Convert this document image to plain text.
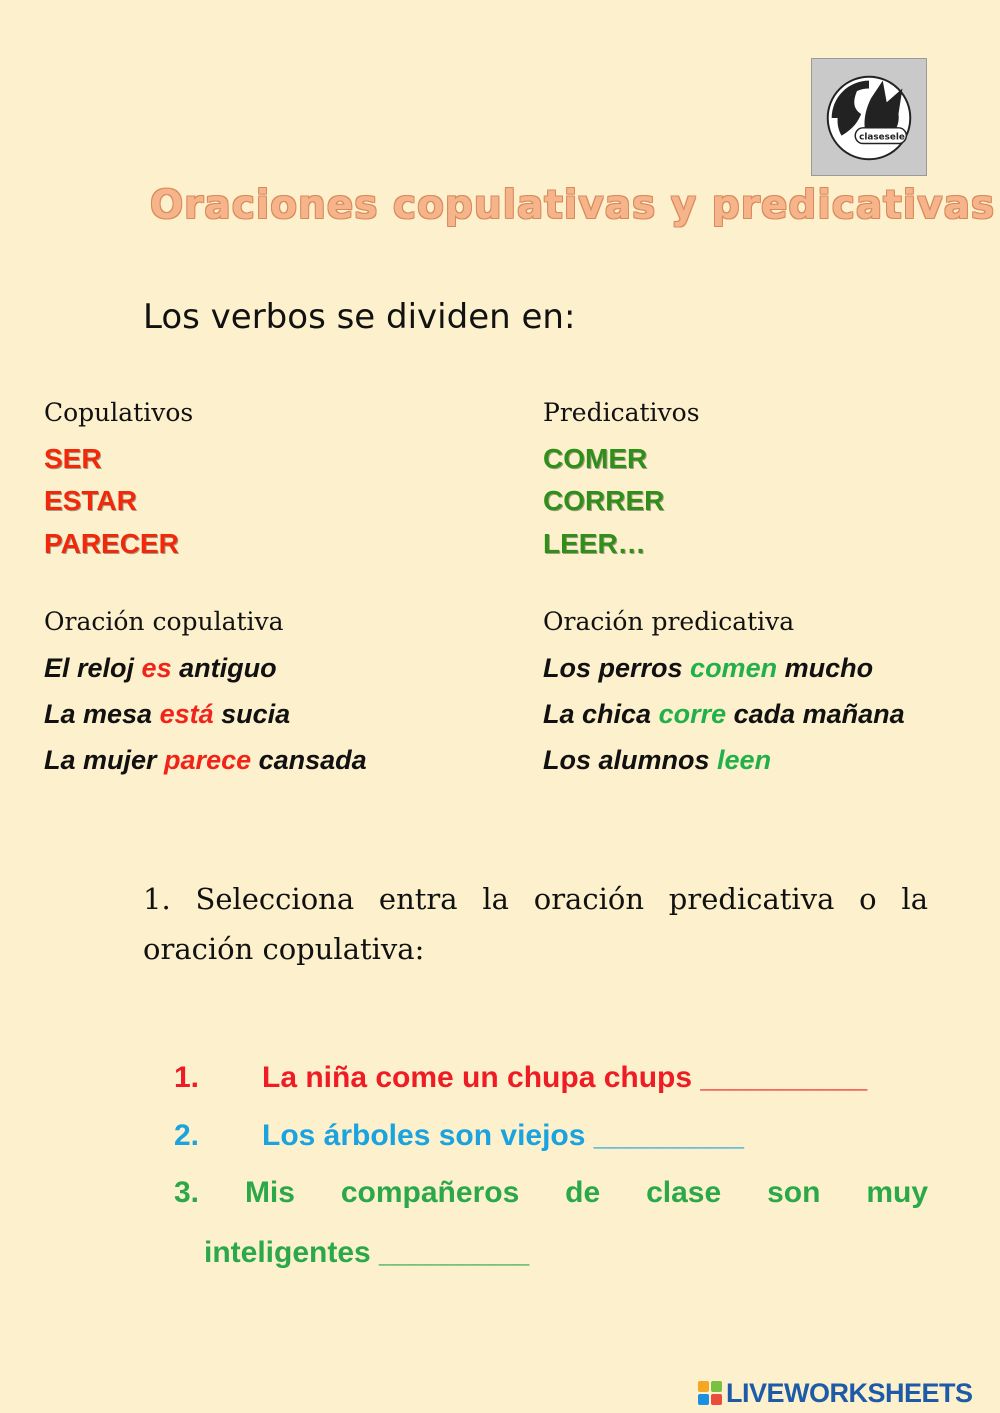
clasesele
Oraciones copulativas y predicativas
Los verbos se dividen en:
Copulativos
SER
ESTAR
PARECER
Predicativos
COMER
CORRER
LEER…
Oración copulativa	Oración predicativa
El reloj es antiguo
La mesa está sucia
La mujer parece cansada
Los perros comen mucho
La chica corre cada mañana
Los alumnos leen
1. Selecciona entra la oración predicativa o la oración copulativa:
1. La niña come un chupa chups __________
2. Los árboles son viejos _________
3. Mis compañeros de clase son muy
inteligentes _________
LIVEWORKSHEETS
